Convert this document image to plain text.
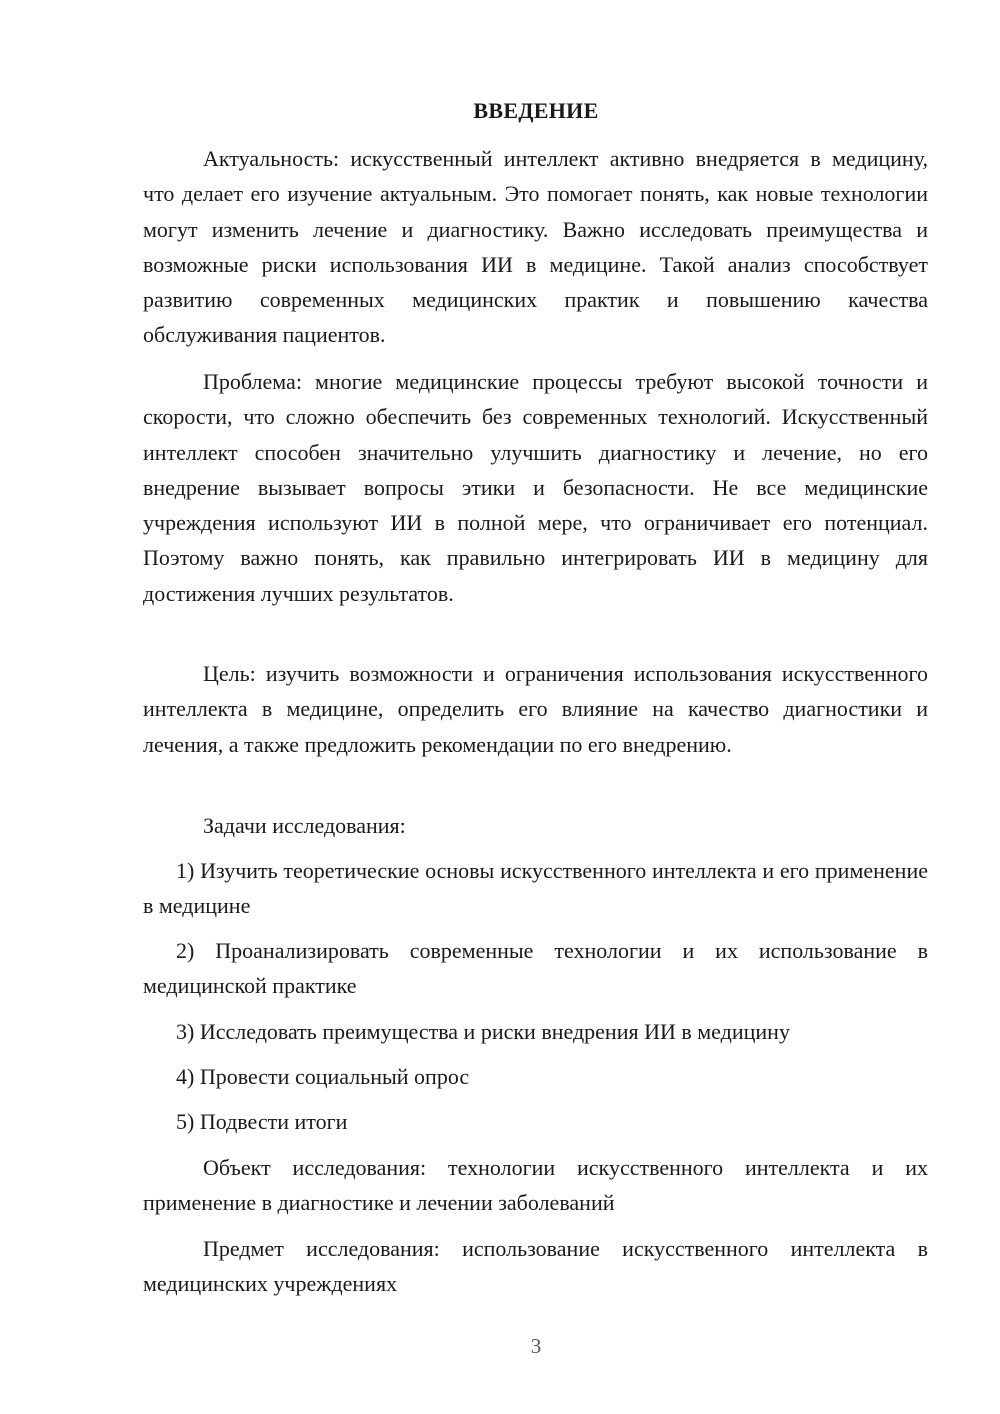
ВВЕДЕНИЕ

Актуальность: искусственный интеллект активно внедряется в медицину, что делает его изучение актуальным. Это помогает понять, как новые технологии могут изменить лечение и диагностику. Важно исследовать преимущества и возможные риски использования ИИ в медицине. Такой анализ способствует развитию современных медицинских практик и повышению качества обслуживания пациентов.

Проблема: многие медицинские процессы требуют высокой точности и скорости, что сложно обеспечить без современных технологий. Искусственный интеллект способен значительно улучшить диагностику и лечение, но его внедрение вызывает вопросы этики и безопасности. Не все медицинские учреждения используют ИИ в полной мере, что ограничивает его потенциал. Поэтому важно понять, как правильно интегрировать ИИ в медицину для достижения лучших результатов.

Цель: изучить возможности и ограничения использования искусственного интеллекта в медицине, определить его влияние на качество диагностики и лечения, а также предложить рекомендации по его внедрению.

Задачи исследования:

1) Изучить теоретические основы искусственного интеллекта и его применение в медицине

2) Проанализировать современные технологии и их использование в медицинской практике

3) Исследовать преимущества и риски внедрения ИИ в медицину

4) Провести социальный опрос

5) Подвести итоги

Объект исследования: технологии искусственного интеллекта и их применение в диагностике и лечении заболеваний

Предмет исследования: использование искусственного интеллекта в медицинских учреждениях

3
